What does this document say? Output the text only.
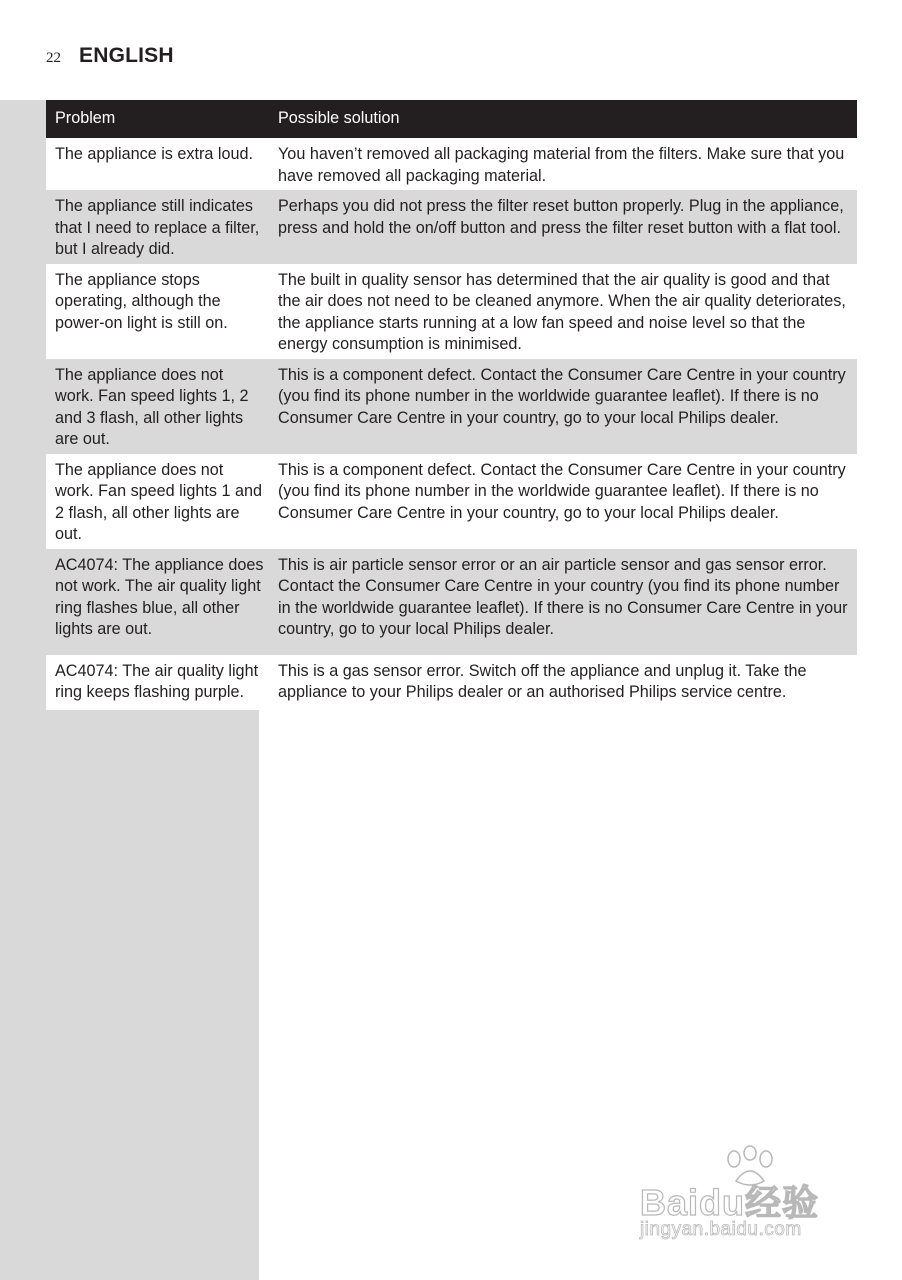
22 ENGLISH
Problem	Possible solution
The appliance is extra loud.	You haven’t removed all packaging material from the filters. Make sure that you have removed all packaging material.
The appliance still indicates that I need to replace a filter, but I already did.
Perhaps you did not press the filter reset button properly. Plug in the appliance, press and hold the on/off button and press the filter reset button with a flat tool.
The appliance stops operating, although the power-on light is still on.
The built in quality sensor has determined that the air quality is good and that the air does not need to be cleaned anymore. When the air quality deteriorates, the appliance starts running at a low fan speed and noise level so that the energy consumption is minimised.
The appliance does not work. Fan speed lights 1, 2 and 3 flash, all other lights are out.
This is a component defect. Contact the Consumer Care Centre in your country (you find its phone number in the worldwide guarantee leaflet). If there is no Consumer Care Centre in your country, go to your local Philips dealer.
The appliance does not work. Fan speed lights 1 and 2 flash, all other lights are out.
This is a component defect. Contact the Consumer Care Centre in your country (you find its phone number in the worldwide guarantee leaflet). If there is no Consumer Care Centre in your country, go to your local Philips dealer.
AC4074: The appliance does not work. The air quality light ring flashes blue, all other lights are out.
This is air particle sensor error or an air particle sensor and gas sensor error. Contact the Consumer Care Centre in your country (you find its phone number in the worldwide guarantee leaflet). If there is no Consumer Care Centre in your country, go to your local Philips dealer.
AC4074: The air quality light ring keeps flashing purple.
This is a gas sensor error. Switch off the appliance and unplug it. Take the appliance to your Philips dealer or an authorised Philips service centre.
Baidu经验
jingyan.baidu.com
